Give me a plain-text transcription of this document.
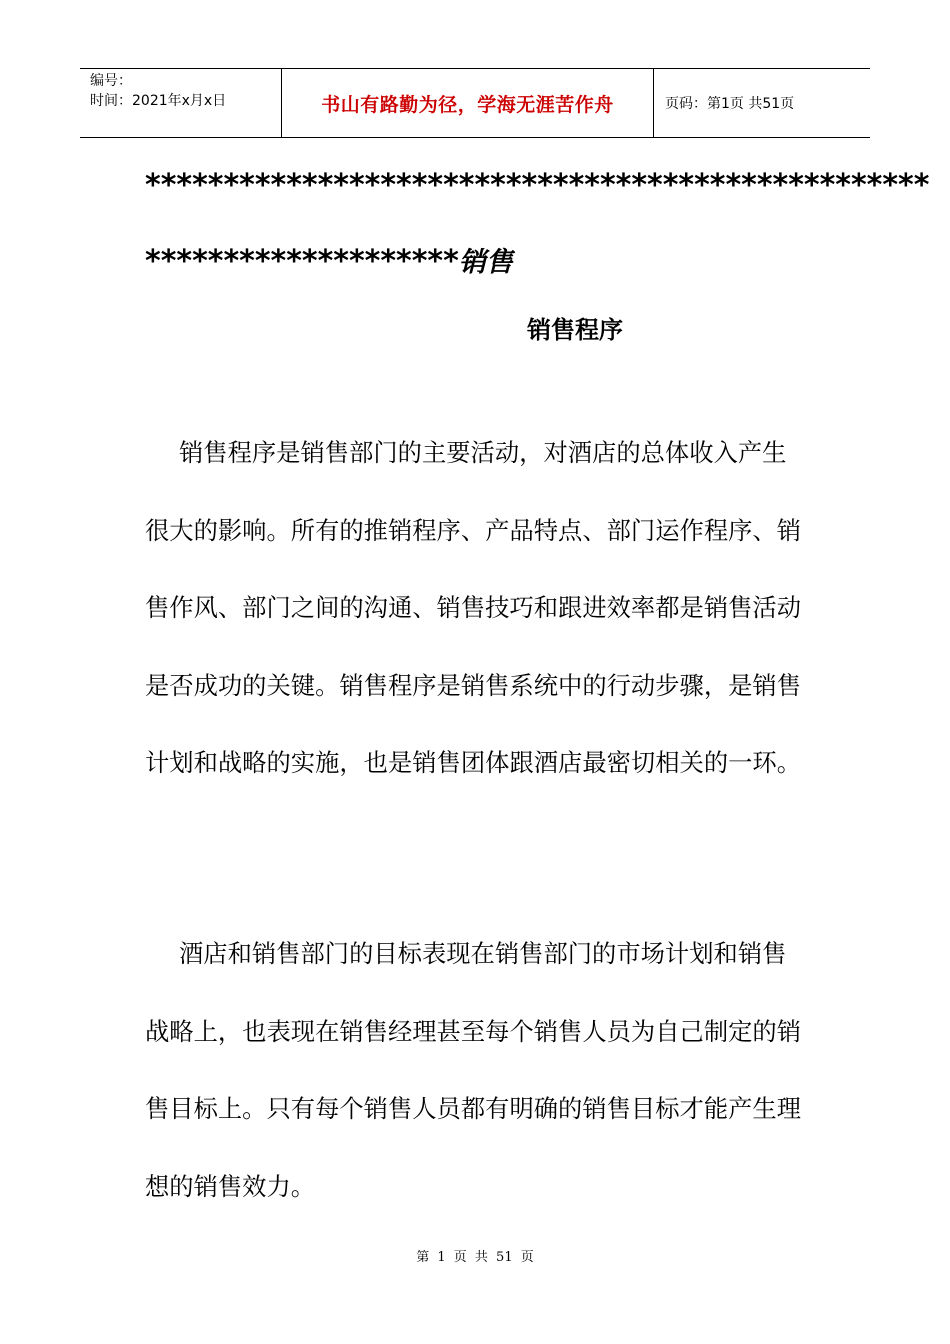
编号：
时间：2021年x月x日	书山有路勤为径，学海无涯苦作舟	页码：第1页 共51页
**************************************************
********************销售
销售程序

销售程序是销售部门的主要活动，对酒店的总体收入产生很大的影响。所有的推销程序、产品特点、部门运作程序、销售作风、部门之间的沟通、销售技巧和跟进效率都是销售活动是否成功的关键。销售程序是销售系统中的行动步骤，是销售计划和战略的实施，也是销售团体跟酒店最密切相关的一环。

酒店和销售部门的目标表现在销售部门的市场计划和销售战略上，也表现在销售经理甚至每个销售人员为自己制定的销售目标上。只有每个销售人员都有明确的销售目标才能产生理想的销售效力。

第 1 页 共 51 页
